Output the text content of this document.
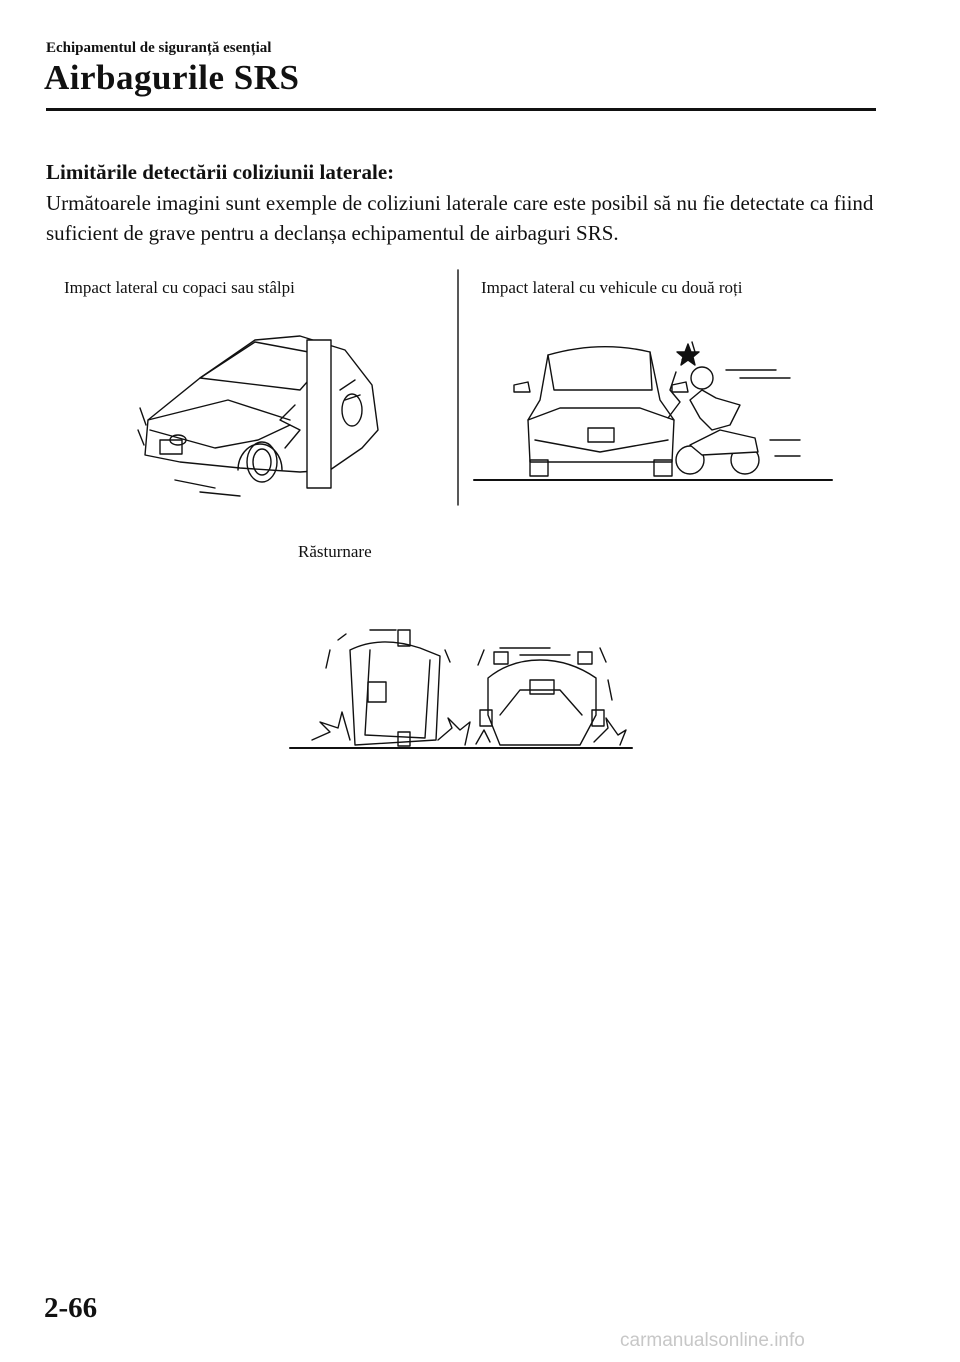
Echipamentul de siguranță esențial
Airbagurile SRS
Limitările detectării coliziunii laterale:
Următoarele imagini sunt exemple de coliziuni laterale care este posibil să nu fie detectate ca fiind suficient de grave pentru a declanșa echipamentul de airbaguri SRS.
Impact lateral cu copaci sau stâlpi	Impact lateral cu vehicule cu două roți
Răsturnare
2-66
carmanualsonline.info
